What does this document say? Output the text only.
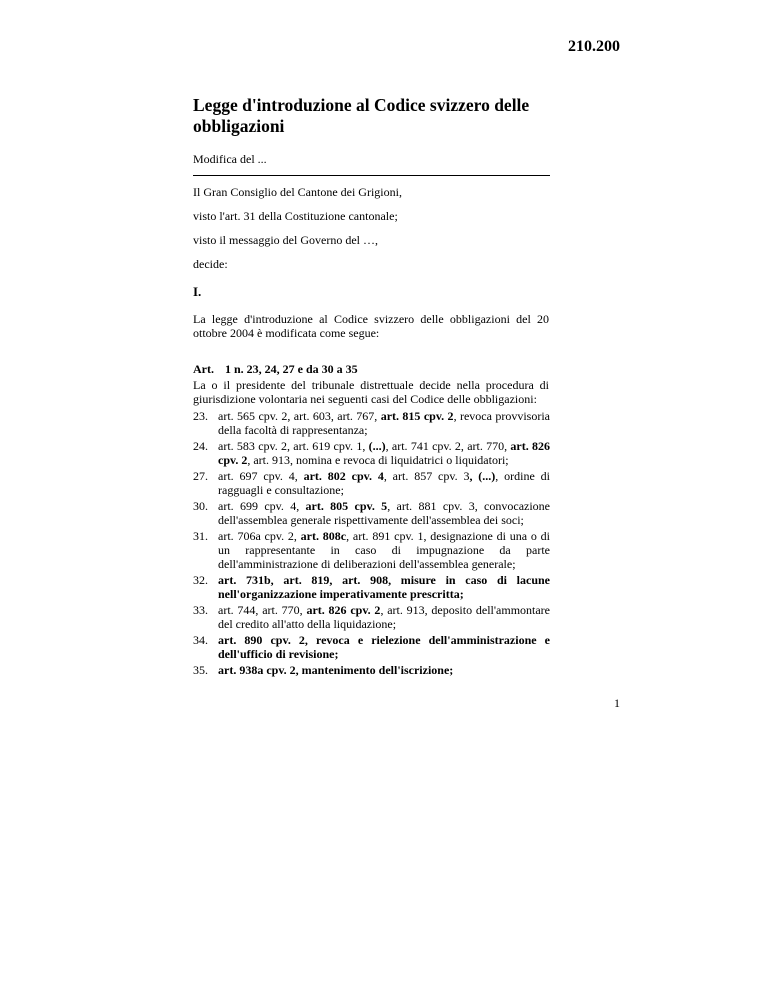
210.200
Legge d'introduzione al Codice svizzero delle obbligazioni
Modifica del ...
Il Gran Consiglio del Cantone dei Grigioni,
visto l'art. 31 della Costituzione cantonale;
visto il messaggio del Governo del …,
decide:
I.
La legge d'introduzione al Codice svizzero delle obbligazioni del 20 ottobre 2004 è modificata come segue:
Art. 1 n. 23, 24, 27 e da 30 a 35
La o il presidente del tribunale distrettuale decide nella procedura di giurisdizione volontaria nei seguenti casi del Codice delle obbligazioni:
23. art. 565 cpv. 2, art. 603, art. 767, art. 815 cpv. 2, revoca provvisoria della facoltà di rappresentanza;
24. art. 583 cpv. 2, art. 619 cpv. 1, (...), art. 741 cpv. 2, art. 770, art. 826 cpv. 2, art. 913, nomina e revoca di liquidatrici o liquidatori;
27. art. 697 cpv. 4, art. 802 cpv. 4, art. 857 cpv. 3, (...), ordine di ragguagli e consultazione;
30. art. 699 cpv. 4, art. 805 cpv. 5, art. 881 cpv. 3, convocazione dell'assemblea generale rispettivamente dell'assemblea dei soci;
31. art. 706a cpv. 2, art. 808c, art. 891 cpv. 1, designazione di una o di un rappresentante in caso di impugnazione da parte dell'amministrazione di deliberazioni dell'assemblea generale;
32. art. 731b, art. 819, art. 908, misure in caso di lacune nell'organizzazione imperativamente prescritta;
33. art. 744, art. 770, art. 826 cpv. 2, art. 913, deposito dell'ammontare del credito all'atto della liquidazione;
34. art. 890 cpv. 2, revoca e rielezione dell'amministrazione e dell'ufficio di revisione;
35. art. 938a cpv. 2, mantenimento dell'iscrizione;
1
